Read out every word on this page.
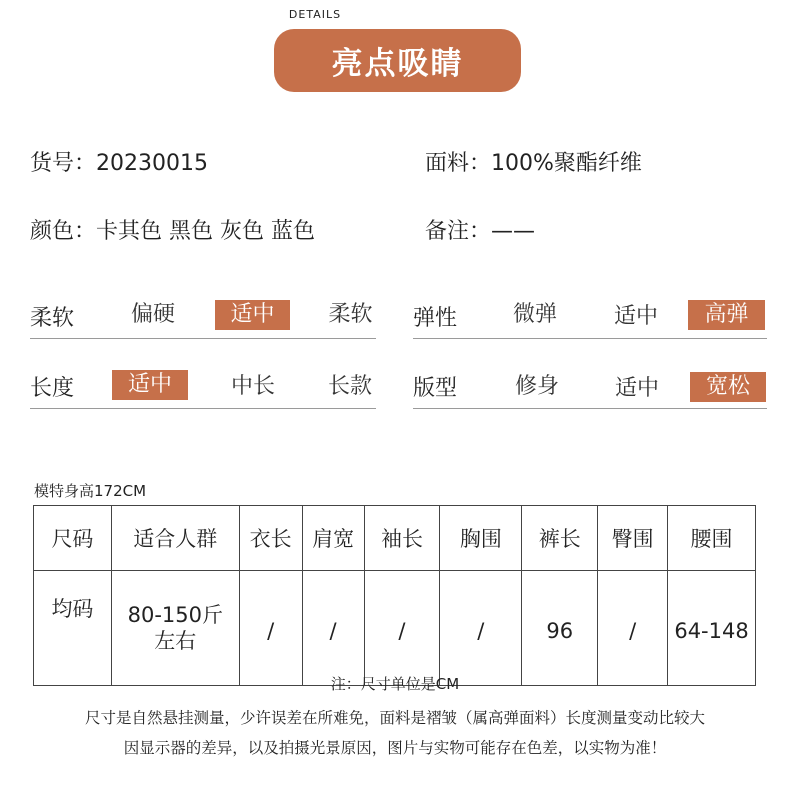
DETAILS
亮点吸睛
货号：20230015	面料：100%聚酯纤维
颜色：卡其色 黑色 灰色 蓝色	备注：——
柔软	偏硬	适中	柔软	弹性	微弹	适中	高弹
长度	适中	中长	长款	版型	修身	适中	宽松
模特身高172CM
尺码	适合人群	衣长	肩宽	袖长	胸围	裤长	臀围	腰围
均码	80-150斤 左右	/	/	/	/	96	/	64-148
注：尺寸单位是CM
尺寸是自然悬挂测量，少许误差在所难免，面料是褶皱（属高弹面料）长度测量变动比较大
因显示器的差异，以及拍摄光景原因，图片与实物可能存在色差，以实物为准！
